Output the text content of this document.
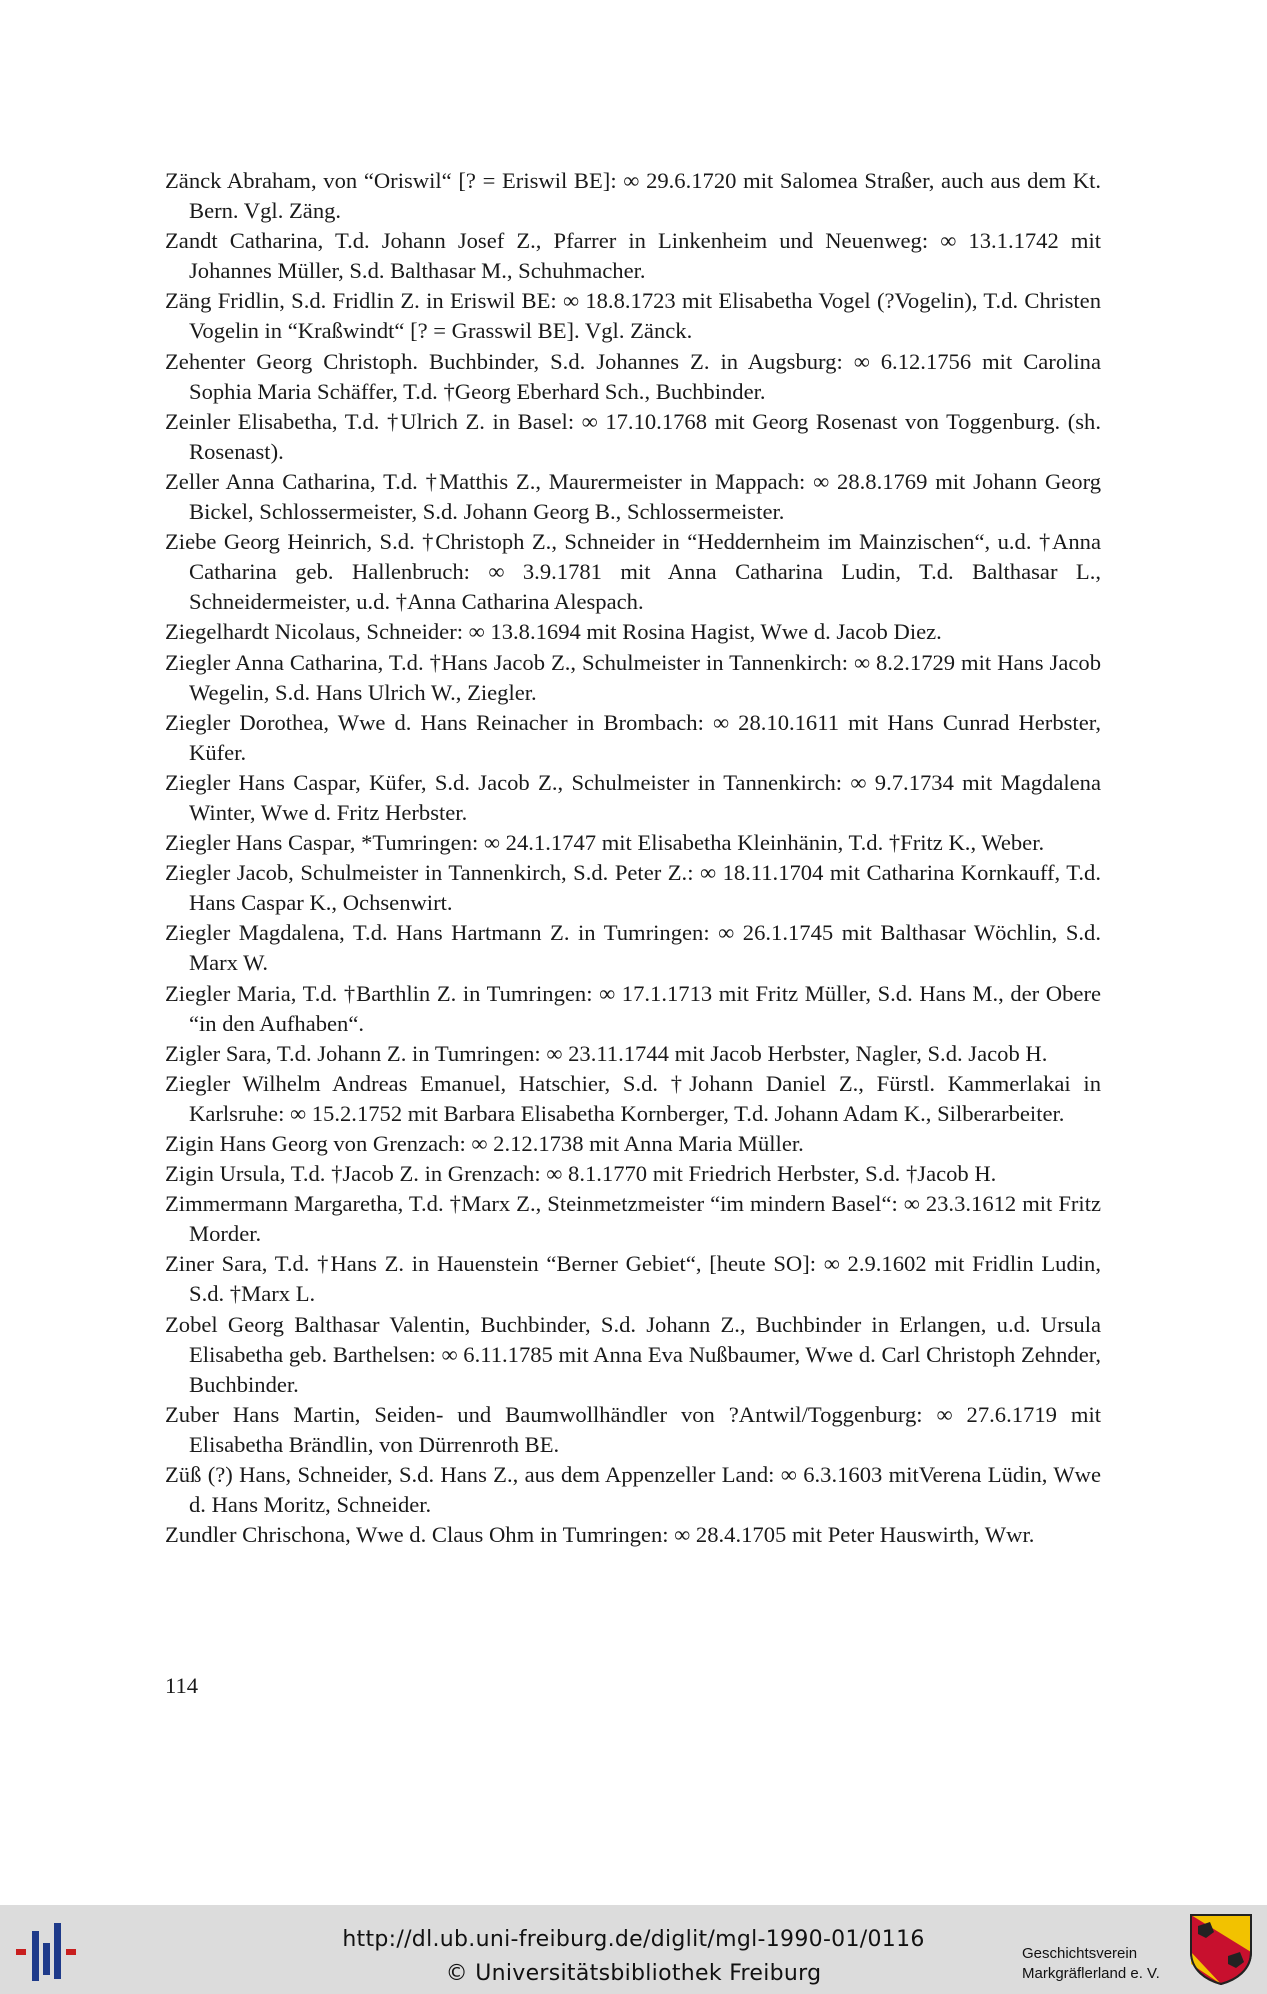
Zänck Abraham, von “Oriswil“ [? = Eriswil BE]: ∞ 29.6.1720 mit Salomea Straßer, auch aus dem Kt. Bern. Vgl. Zäng.

Zandt Catharina, T.d. Johann Josef Z., Pfarrer in Linkenheim und Neuenweg: ∞ 13.1.1742 mit Johannes Müller, S.d. Balthasar M., Schuhmacher.

Zäng Fridlin, S.d. Fridlin Z. in Eriswil BE: ∞ 18.8.1723 mit Elisabetha Vogel (?Vogelin), T.d. Christen Vogelin in “Kraßwindt“ [? = Grasswil BE]. Vgl. Zänck.

Zehenter Georg Christoph. Buchbinder, S.d. Johannes Z. in Augsburg: ∞ 6.12.1756 mit Carolina Sophia Maria Schäffer, T.d. †Georg Eberhard Sch., Buchbinder.

Zeinler Elisabetha, T.d. †Ulrich Z. in Basel: ∞ 17.10.1768 mit Georg Rosenast von Toggenburg. (sh. Rosenast).

Zeller Anna Catharina, T.d. †Matthis Z., Maurermeister in Mappach: ∞ 28.8.1769 mit Johann Georg Bickel, Schlossermeister, S.d. Johann Georg B., Schlossermeister.

Ziebe Georg Heinrich, S.d. †Christoph Z., Schneider in “Heddernheim im Mainzischen“, u.d. †Anna Catharina geb. Hallenbruch: ∞ 3.9.1781 mit Anna Catharina Ludin, T.d. Balthasar L., Schneidermeister, u.d. †Anna Catharina Alespach.

Ziegelhardt Nicolaus, Schneider: ∞ 13.8.1694 mit Rosina Hagist, Wwe d. Jacob Diez.

Ziegler Anna Catharina, T.d. †Hans Jacob Z., Schulmeister in Tannenkirch: ∞ 8.2.1729 mit Hans Jacob Wegelin, S.d. Hans Ulrich W., Ziegler.

Ziegler Dorothea, Wwe d. Hans Reinacher in Brombach: ∞ 28.10.1611 mit Hans Cunrad Herbster, Küfer.

Ziegler Hans Caspar, Küfer, S.d. Jacob Z., Schulmeister in Tannenkirch: ∞ 9.7.1734 mit Magdalena Winter, Wwe d. Fritz Herbster.

Ziegler Hans Caspar, *Tumringen: ∞ 24.1.1747 mit Elisabetha Kleinhänin, T.d. †Fritz K., Weber.

Ziegler Jacob, Schulmeister in Tannenkirch, S.d. Peter Z.: ∞ 18.11.1704 mit Catharina Kornkauff, T.d. Hans Caspar K., Ochsenwirt.

Ziegler Magdalena, T.d. Hans Hartmann Z. in Tumringen: ∞ 26.1.1745 mit Balthasar Wöchlin, S.d. Marx W.

Ziegler Maria, T.d. †Barthlin Z. in Tumringen: ∞ 17.1.1713 mit Fritz Müller, S.d. Hans M., der Obere “in den Aufhaben“.

Zigler Sara, T.d. Johann Z. in Tumringen: ∞ 23.11.1744 mit Jacob Herbster, Nagler, S.d. Jacob H.

Ziegler Wilhelm Andreas Emanuel, Hatschier, S.d. †Johann Daniel Z., Fürstl. Kammerlakai in Karlsruhe: ∞ 15.2.1752 mit Barbara Elisabetha Kornberger, T.d. Johann Adam K., Silberarbeiter.

Zigin Hans Georg von Grenzach: ∞ 2.12.1738 mit Anna Maria Müller.

Zigin Ursula, T.d. †Jacob Z. in Grenzach: ∞ 8.1.1770 mit Friedrich Herbster, S.d. †Jacob H.

Zimmermann Margaretha, T.d. †Marx Z., Steinmetzmeister “im mindern Basel“: ∞ 23.3.1612 mit Fritz Morder.

Ziner Sara, T.d. †Hans Z. in Hauenstein “Berner Gebiet“, [heute SO]: ∞ 2.9.1602 mit Fridlin Ludin, S.d. †Marx L.

Zobel Georg Balthasar Valentin, Buchbinder, S.d. Johann Z., Buchbinder in Erlangen, u.d. Ursula Elisabetha geb. Barthelsen: ∞ 6.11.1785 mit Anna Eva Nußbaumer, Wwe d. Carl Christoph Zehnder, Buchbinder.

Zuber Hans Martin, Seiden- und Baumwollhändler von ?Antwil/Toggenburg: ∞ 27.6.1719 mit Elisabetha Brändlin, von Dürrenroth BE.

Züß (?) Hans, Schneider, S.d. Hans Z., aus dem Appenzeller Land: ∞ 6.3.1603 mitVerena Lüdin, Wwe d. Hans Moritz, Schneider.

Zundler Chrischona, Wwe d. Claus Ohm in Tumringen: ∞ 28.4.1705 mit Peter Hauswirth, Wwr.

114
http://dl.ub.uni-freiburg.de/diglit/mgl-1990-01/0116
© Universitätsbibliothek Freiburg
Geschichtsverein
Markgräflerland e. V.
